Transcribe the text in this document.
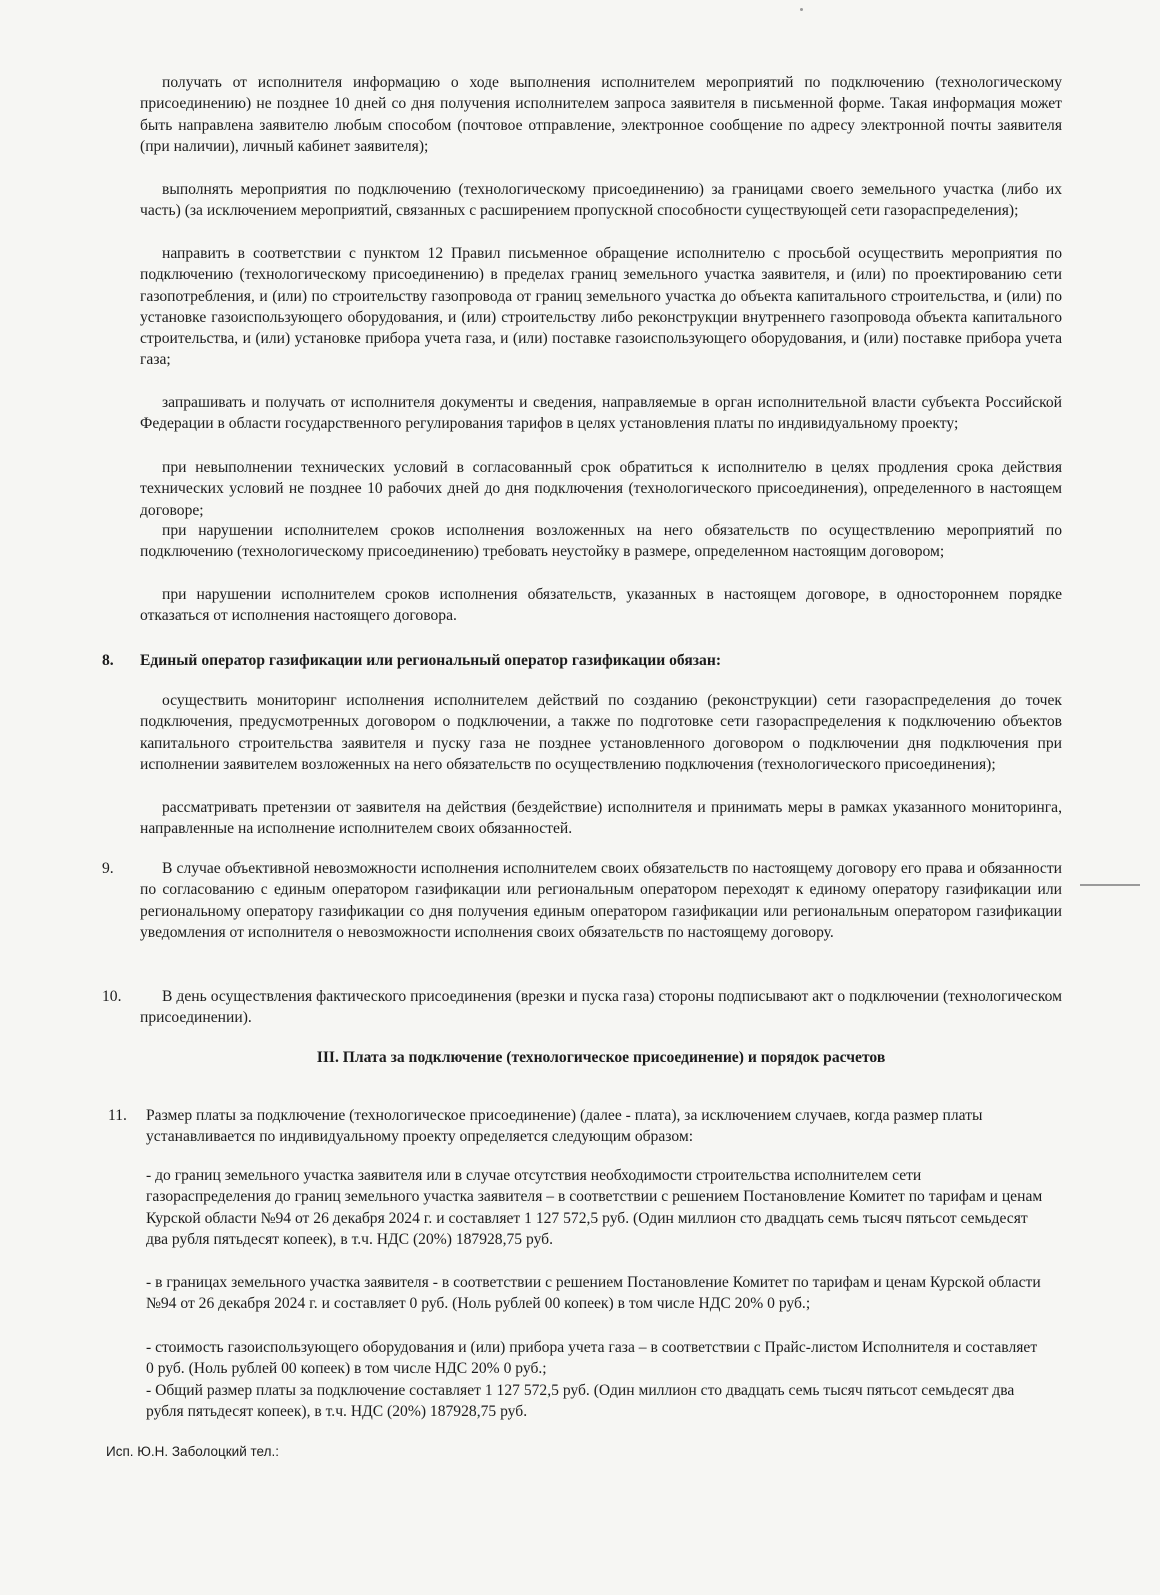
получать от исполнителя информацию о ходе выполнения исполнителем мероприятий по подключению (технологическому присоединению) не позднее 10 дней со дня получения исполнителем запроса заявителя в письменной форме. Такая информация может быть направлена заявителю любым способом (почтовое отправление, электронное сообщение по адресу электронной почты заявителя (при наличии), личный кабинет заявителя);

выполнять мероприятия по подключению (технологическому присоединению) за границами своего земельного участка (либо их часть) (за исключением мероприятий, связанных с расширением пропускной способности существующей сети газораспределения);

направить в соответствии с пунктом 12 Правил письменное обращение исполнителю с просьбой осуществить мероприятия по подключению (технологическому присоединению) в пределах границ земельного участка заявителя, и (или) по проектированию сети газопотребления, и (или) по строительству газопровода от границ земельного участка до объекта капитального строительства, и (или) по установке газоиспользующего оборудования, и (или) строительству либо реконструкции внутреннего газопровода объекта капитального строительства, и (или) установке прибора учета газа, и (или) поставке газоиспользующего оборудования, и (или) поставке прибора учета газа;

запрашивать и получать от исполнителя документы и сведения, направляемые в орган исполнительной власти субъекта Российской Федерации в области государственного регулирования тарифов в целях установления платы по индивидуальному проекту;

при невыполнении технических условий в согласованный срок обратиться к исполнителю в целях продления срока действия технических условий не позднее 10 рабочих дней до дня подключения (технологического присоединения), определенного в настоящем договоре;

при нарушении исполнителем сроков исполнения возложенных на него обязательств по осуществлению мероприятий по подключению (технологическому присоединению) требовать неустойку в размере, определенном настоящим договором;

при нарушении исполнителем сроков исполнения обязательств, указанных в настоящем договоре, в одностороннем порядке отказаться от исполнения настоящего договора.

8. Единый оператор газификации или региональный оператор газификации обязан:

осуществить мониторинг исполнения исполнителем действий по созданию (реконструкции) сети газораспределения до точек подключения, предусмотренных договором о подключении, а также по подготовке сети газораспределения к подключению объектов капитального строительства заявителя и пуску газа не позднее установленного договором о подключении дня подключения при исполнении заявителем возложенных на него обязательств по осуществлению подключения (технологического присоединения);

рассматривать претензии от заявителя на действия (бездействие) исполнителя и принимать меры в рамках указанного мониторинга, направленные на исполнение исполнителем своих обязанностей.

9.	В случае объективной невозможности исполнения исполнителем своих обязательств по настоящему договору его права и обязанности по согласованию с единым оператором газификации или региональным оператором переходят к единому оператору газификации или региональному оператору газификации со дня получения единым оператором газификации или региональным оператором газификации уведомления от исполнителя о невозможности исполнения своих обязательств по настоящему договору.

10.	В день осуществления фактического присоединения (врезки и пуска газа) стороны подписывают акт о подключении (технологическом присоединении).

III. Плата за подключение (технологическое присоединение) и порядок расчетов

11. Размер платы за подключение (технологическое присоединение) (далее - плата), за исключением случаев, когда размер платы устанавливается по индивидуальному проекту определяется следующим образом:

- до границ земельного участка заявителя или в случае отсутствия необходимости строительства исполнителем сети газораспределения до границ земельного участка заявителя – в соответствии с решением Постановление Комитет по тарифам и ценам Курской области №94 от 26 декабря 2024 г. и составляет 1 127 572,5 руб. (Один миллион сто двадцать семь тысяч пятьсот семьдесят два рубля пятьдесят копеек), в т.ч. НДС (20%) 187928,75 руб.

- в границах земельного участка заявителя - в соответствии с решением Постановление Комитет по тарифам и ценам Курской области №94 от 26 декабря 2024 г. и составляет 0 руб. (Ноль рублей 00 копеек) в том числе НДС 20% 0 руб.;

- стоимость газоиспользующего оборудования и (или) прибора учета газа – в соответствии с Прайс-листом Исполнителя и составляет 0 руб. (Ноль рублей 00 копеек) в том числе НДС 20% 0 руб.;

- Общий размер платы за подключение составляет 1 127 572,5 руб. (Один миллион сто двадцать семь тысяч пятьсот семьдесят два рубля пятьдесят копеек), в т.ч. НДС (20%) 187928,75 руб.

Исп. Ю.Н. Заболоцкий тел.:
